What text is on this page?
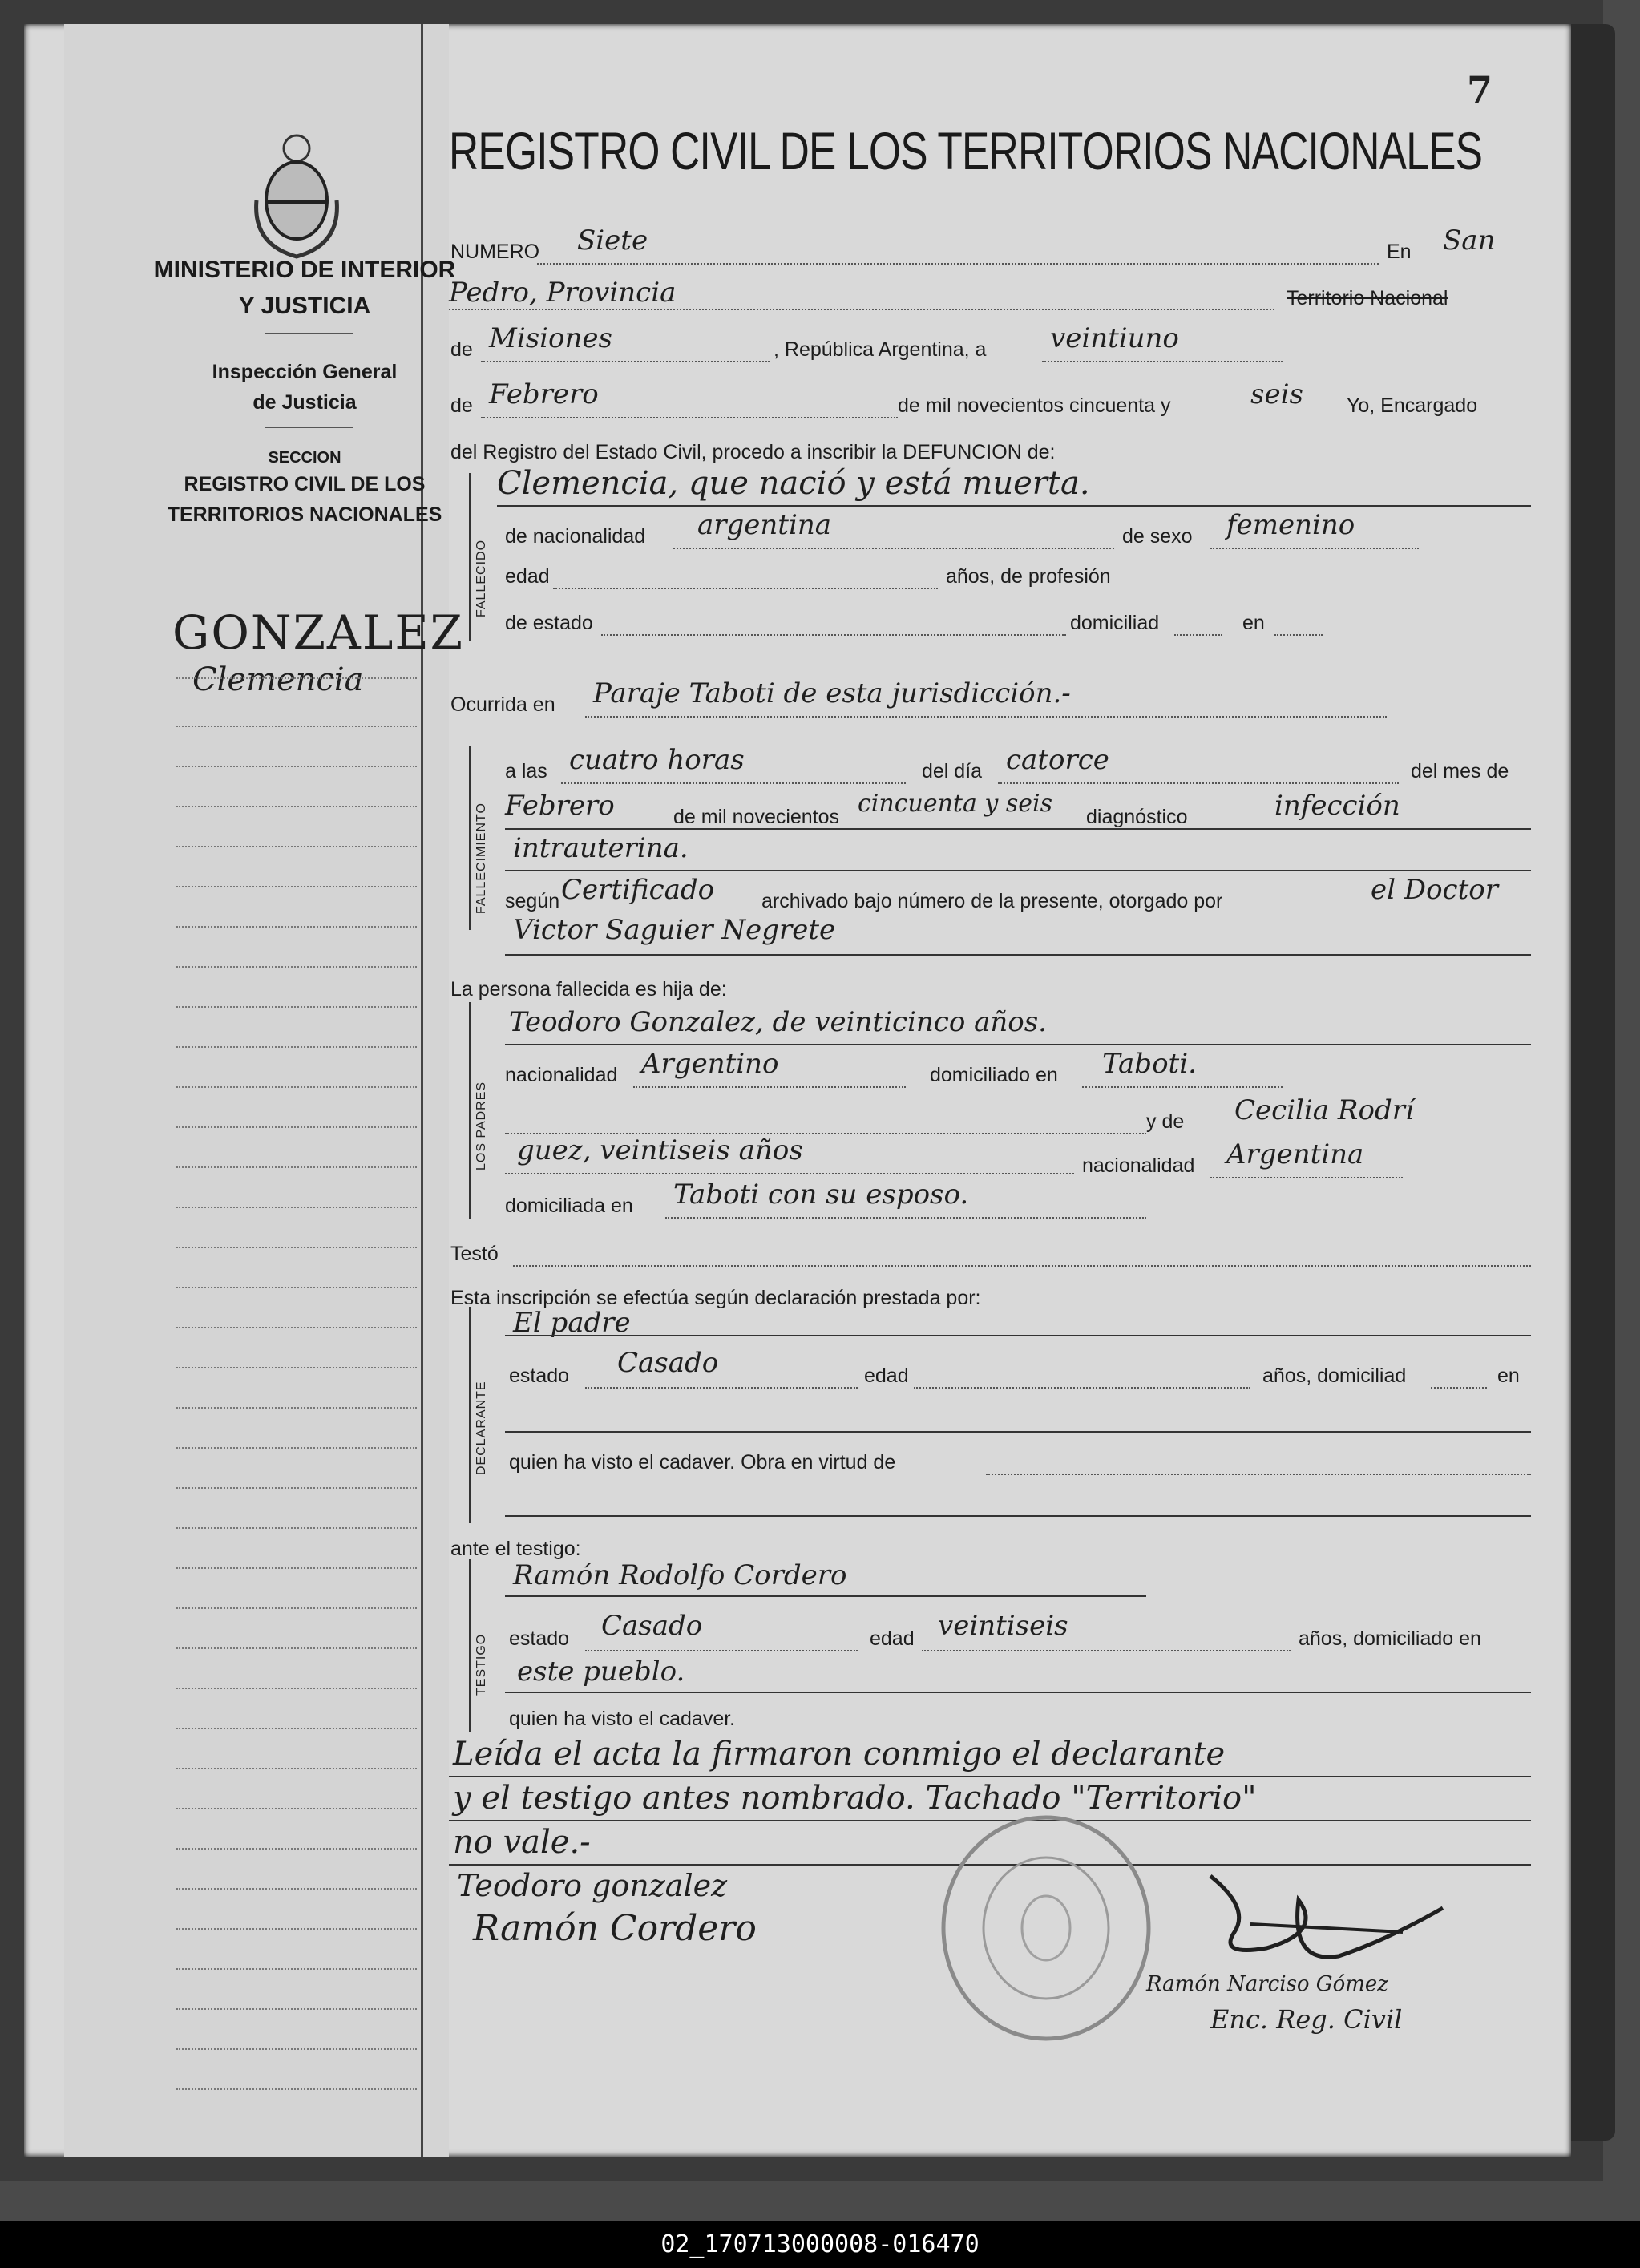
MINISTERIO DE INTERIOR
Y JUSTICIA
Inspección General
de Justicia
SECCION
REGISTRO CIVIL DE LOS
TERRITORIOS NACIONALES
GONZALEZ
Clemencia
7
REGISTRO CIVIL DE LOS TERRITORIOS NACIONALES
NUMERO Siete	En San
Pedro, Provincia	Territorio Nacional
de Misiones	, República Argentina, a veintiuno
de Febrero	de mil novecientos cincuenta y	seis Yo, Encargado
del Registro del Estado Civil, procedo a inscribir la DEFUNCION de:
FALLECIDO
Clemencia, que nació y está muerta.
de nacionalidad argentina	de sexo femenino
edad	años, de profesión
de estado	domiciliad	en
Ocurrida en Paraje Taboti de esta jurisdicción.-
FALLECIMIENTO
a las cuatro horas	del día catorce	del mes de
Febrero	de mil novecientos cincuenta y seis diagnóstico	infección
intrauterina.
según Certificado archivado bajo número de la presente, otorgado por	el Doctor
Victor Saguier Negrete
La persona fallecida es hija de:
LOS PADRES
Teodoro Gonzalez, de veinticinco años.
nacionalidad Argentino	domiciliado en Taboti.
y de Cecilia Rodrí
guez, veintiseis años	nacionalidad Argentina
domiciliada en Taboti con su esposo.
Testó
Esta inscripción se efectúa según declaración prestada por:
DECLARANTE
El padre
estado Casado	edad	años, domiciliad	en
quien ha visto el cadaver. Obra en virtud de
ante el testigo:
TESTIGO
Ramón Rodolfo Cordero
estado Casado	edad veintiseis	años, domiciliado en
este pueblo.
quien ha visto el cadaver.
Leída el acta la firmaron conmigo el declarante
y el testigo antes nombrado. Tachado "Territorio"
no vale.-
Teodoro gonzalez
Ramón Cordero
Ramón Narciso Gómez
Enc. Reg. Civil
02_170713000008-016470
